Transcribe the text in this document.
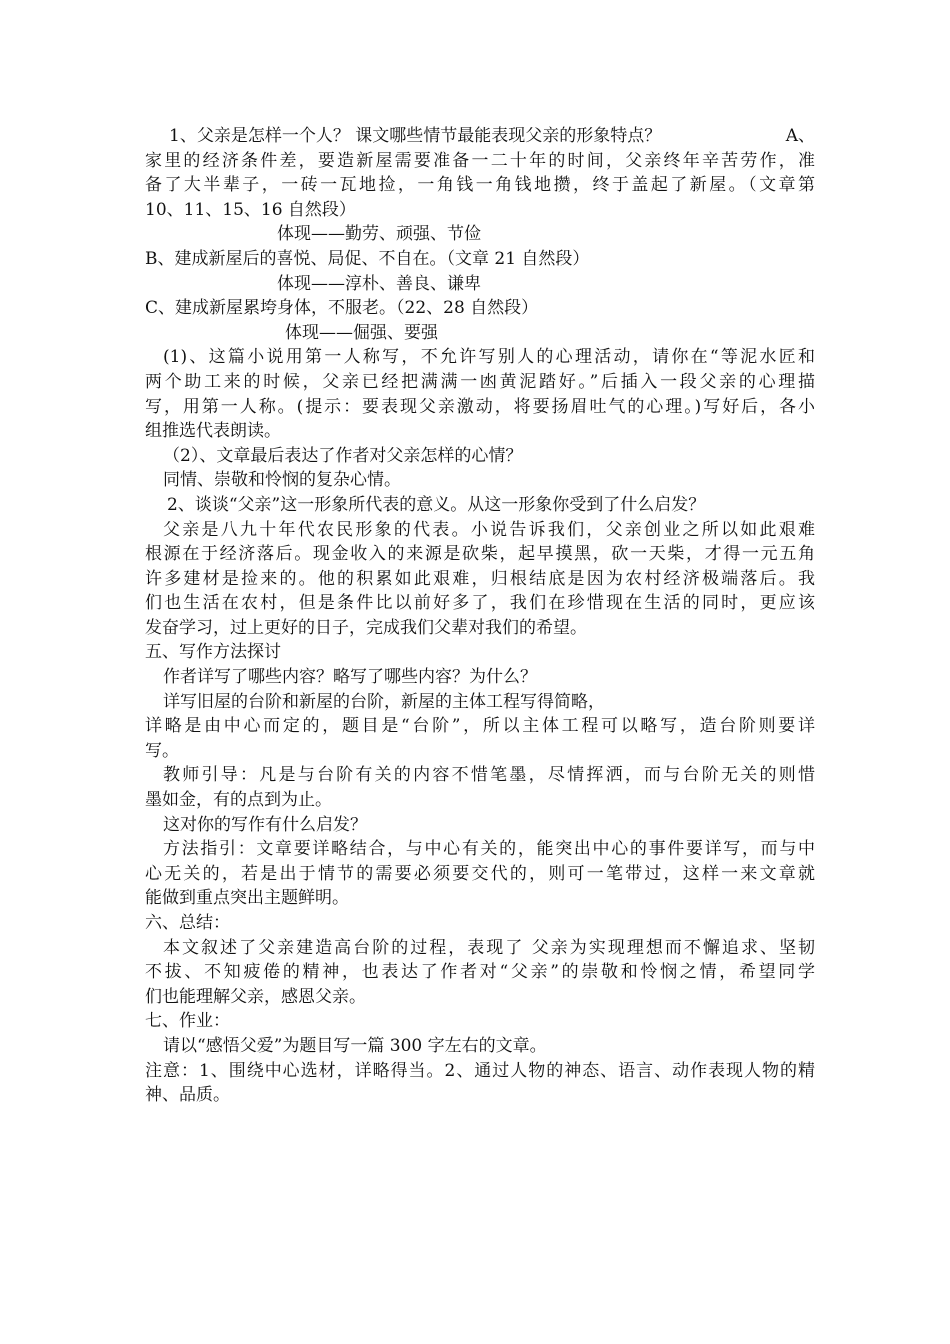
1、父亲是怎样一个人？ 课文哪些情节最能表现父亲的形象特点？	A、
家里的经济条件差，要造新屋需要准备一二十年的时间，父亲终年辛苦劳作，准
备了大半辈子，一砖一瓦地捡，一角钱一角钱地攒，终于盖起了新屋。（文章第
10、11、15、16 自然段）
体现——勤劳、顽强、节俭
B、建成新屋后的喜悦、局促、不自在。（文章 21 自然段）
体现——淳朴、善良、谦卑
C、建成新屋累垮身体，不服老。（22、28 自然段）
体现——倔强、要强
(1)、这篇小说用第一人称写，不允许写别人的心理活动，请你在“等泥水匠和
两个助工来的时候，父亲已经把满满一凼黄泥踏好。”后插入一段父亲的心理描
写，用第一人称。(提示：要表现父亲激动，将要扬眉吐气的心理。)写好后，各小
组推选代表朗读。
（2）、文章最后表达了作者对父亲怎样的心情？
同情、崇敬和怜悯的复杂心情。
2、谈谈“父亲”这一形象所代表的意义。从这一形象你受到了什么启发？
父亲是八九十年代农民形象的代表。小说告诉我们，父亲创业之所以如此艰难
根源在于经济落后。现金收入的来源是砍柴，起早摸黑，砍一天柴，才得一元五角
许多建材是捡来的。他的积累如此艰难，归根结底是因为农村经济极端落后。我
们也生活在农村，但是条件比以前好多了，我们在珍惜现在生活的同时，更应该
发奋学习，过上更好的日子，完成我们父辈对我们的希望。
五、写作方法探讨
作者详写了哪些内容？略写了哪些内容？为什么？
详写旧屋的台阶和新屋的台阶，新屋的主体工程写得简略，
详略是由中心而定的，题目是“台阶”，所以主体工程可以略写，造台阶则要详
写。
教师引导：凡是与台阶有关的内容不惜笔墨，尽情挥洒，而与台阶无关的则惜
墨如金，有的点到为止。
这对你的写作有什么启发？
方法指引：文章要详略结合，与中心有关的，能突出中心的事件要详写，而与中
心无关的，若是出于情节的需要必须要交代的，则可一笔带过，这样一来文章就
能做到重点突出主题鲜明。
六、总结：
本文叙述了父亲建造高台阶的过程，表现了 父亲为实现理想而不懈追求、坚韧
不拔、不知疲倦的精神，也表达了作者对“父亲”的崇敬和怜悯之情，希望同学
们也能理解父亲，感恩父亲。
七、作业：
请以“感悟父爱”为题目写一篇 300 字左右的文章。
注意：1、围绕中心选材，详略得当。2、通过人物的神态、语言、动作表现人物的精
神、品质。
